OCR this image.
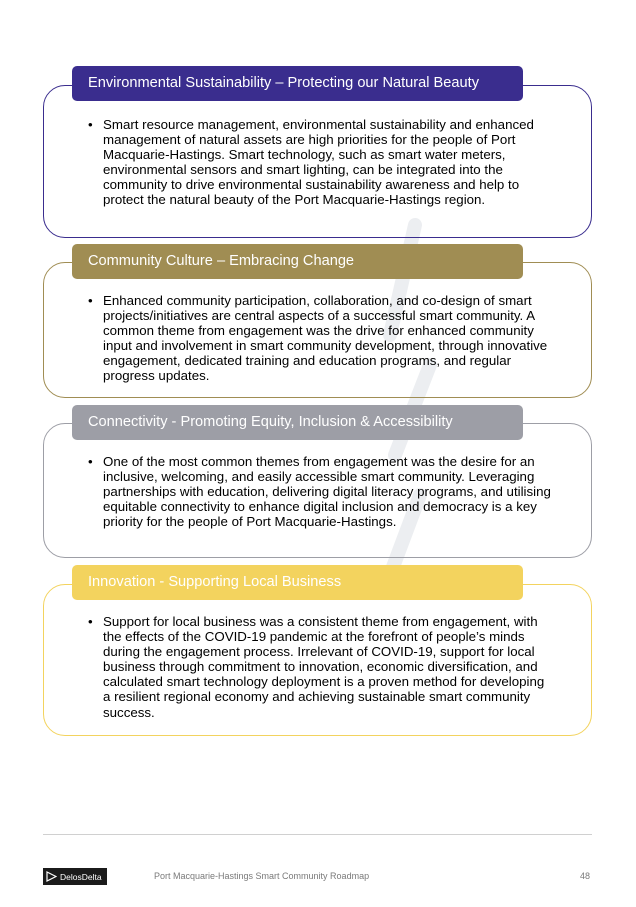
Environmental Sustainability – Protecting our Natural Beauty
• Smart resource management, environmental sustainability and enhanced management of natural assets are high priorities for the people of Port Macquarie-Hastings. Smart technology, such as smart water meters, environmental sensors and smart lighting, can be integrated into the community to drive environmental sustainability awareness and help to protect the natural beauty of the Port Macquarie-Hastings region.
Community Culture – Embracing Change
• Enhanced community participation, collaboration, and co-design of smart projects/initiatives are central aspects of a successful smart community. A common theme from engagement was the drive for enhanced community input and involvement in smart community development, through innovative engagement, dedicated training and education programs, and regular progress updates.
Connectivity - Promoting Equity, Inclusion & Accessibility
• One of the most common themes from engagement was the desire for an inclusive, welcoming, and easily accessible smart community. Leveraging partnerships with education, delivering digital literacy programs, and utilising equitable connectivity to enhance digital inclusion and democracy is a key priority for the people of Port Macquarie-Hastings.
Innovation - Supporting Local Business
• Support for local business was a consistent theme from engagement, with the effects of the COVID-19 pandemic at the forefront of people’s minds during the engagement process. Irrelevant of COVID-19, support for local business through commitment to innovation, economic diversification, and calculated smart technology deployment is a proven method for developing a resilient regional economy and achieving sustainable smart community success.
DelosDelta	Port Macquarie-Hastings Smart Community Roadmap	48
